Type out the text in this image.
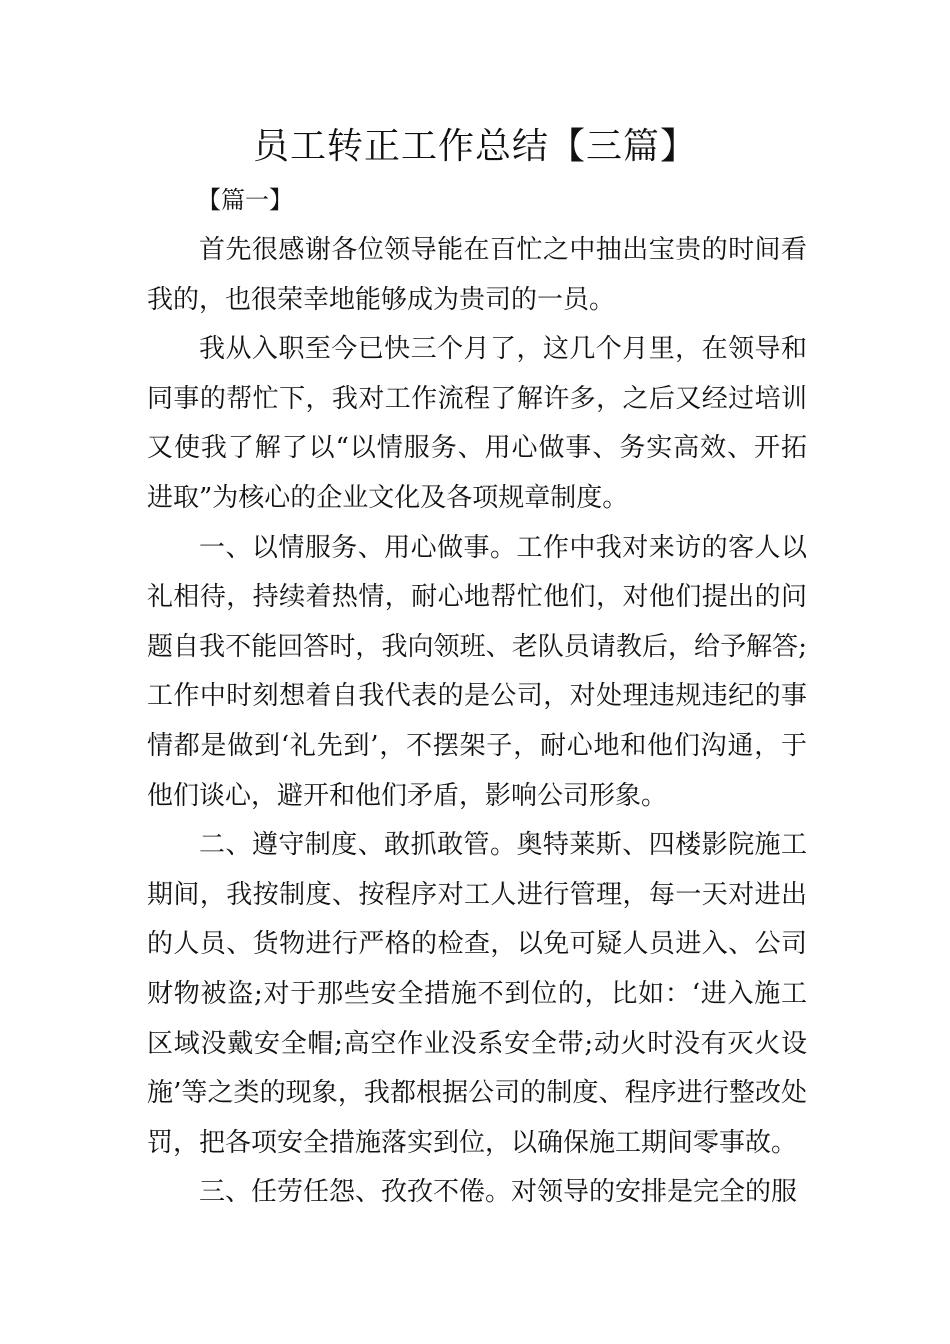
员工转正工作总结【三篇】
【篇一】

首先很感谢各位领导能在百忙之中抽出宝贵的时间看我的，也很荣幸地能够成为贵司的一员。

我从入职至今已快三个月了，这几个月里，在领导和同事的帮忙下，我对工作流程了解许多，之后又经过培训又使我了解了以“以情服务、用心做事、务实高效、开拓进取”为核心的企业文化及各项规章制度。

一、以情服务、用心做事。工作中我对来访的客人以礼相待，持续着热情，耐心地帮忙他们，对他们提出的问题自我不能回答时，我向领班、老队员请教后，给予解答;工作中时刻想着自我代表的是公司，对处理违规违纪的事情都是做到‘礼先到’，不摆架子，耐心地和他们沟通，于他们谈心，避开和他们矛盾，影响公司形象。

二、遵守制度、敢抓敢管。奥特莱斯、四楼影院施工期间，我按制度、按程序对工人进行管理，每一天对进出的人员、货物进行严格的检查，以免可疑人员进入、公司财物被盗;对于那些安全措施不到位的，比如：‘进入施工区域没戴安全帽;高空作业没系安全带;动火时没有灭火设施’等之类的现象，我都根据公司的制度、程序进行整改处罚，把各项安全措施落实到位，以确保施工期间零事故。

三、任劳任怨、孜孜不倦。对领导的安排是完全的服
